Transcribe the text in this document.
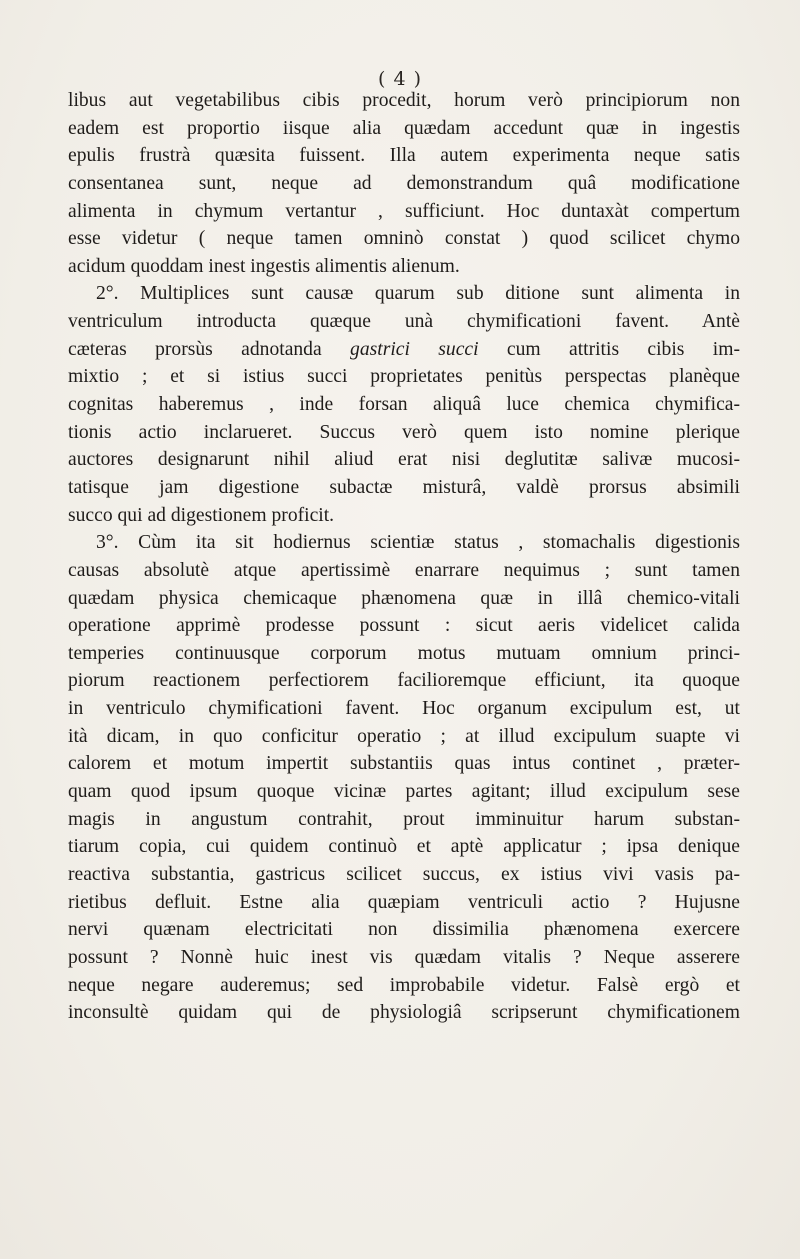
( 4 )
libus aut vegetabilibus cibis procedit, horum verò principiorum non
eadem est proportio iisque alia quædam accedunt quæ in ingestis
epulis frustrà quæsita fuissent. Illa autem experimenta neque satis
consentanea sunt, neque ad demonstrandum quâ modificatione
alimenta in chymum vertantur , sufficiunt. Hoc duntaxàt compertum
esse videtur ( neque tamen omninò constat ) quod scilicet chymo
acidum quoddam inest ingestis alimentis alienum.
2°. Multiplices sunt causæ quarum sub ditione sunt alimenta in
ventriculum introducta quæque unà chymificationi favent. Antè
cæteras prorsùs adnotanda gastrici succi cum attritis cibis im-
mixtio ; et si istius succi proprietates penitùs perspectas planèque
cognitas haberemus , inde forsan aliquâ luce chemica chymifica-
tionis actio inclarueret. Succus verò quem isto nomine plerique
auctores designarunt nihil aliud erat nisi deglutitæ salivæ mucosi-
tatisque jam digestione subactæ misturâ, valdè prorsus absimili
succo qui ad digestionem proficit.
3°. Cùm ita sit hodiernus scientiæ status , stomachalis digestionis
causas absolutè atque apertissimè enarrare nequimus ; sunt tamen
quædam physica chemicaque phænomena quæ in illâ chemico-vitali
operatione apprimè prodesse possunt : sicut aeris videlicet calida
temperies continuusque corporum motus mutuam omnium princi-
piorum reactionem perfectiorem facilioremque efficiunt, ita quoque
in ventriculo chymificationi favent. Hoc organum excipulum est, ut
ità dicam, in quo conficitur operatio ; at illud excipulum suapte vi
calorem et motum impertit substantiis quas intus continet , præter-
quam quod ipsum quoque vicinæ partes agitant; illud excipulum sese
magis in angustum contrahit, prout imminuitur harum substan-
tiarum copia, cui quidem continuò et aptè applicatur ; ipsa denique
reactiva substantia, gastricus scilicet succus, ex istius vivi vasis pa-
rietibus defluit. Estne alia quæpiam ventriculi actio ? Hujusne
nervi quænam electricitati non dissimilia phænomena exercere
possunt ? Nonnè huic inest vis quædam vitalis ? Neque asserere
neque negare auderemus; sed improbabile videtur. Falsè ergò et
inconsultè quidam qui de physiologiâ scripserunt chymificationem
